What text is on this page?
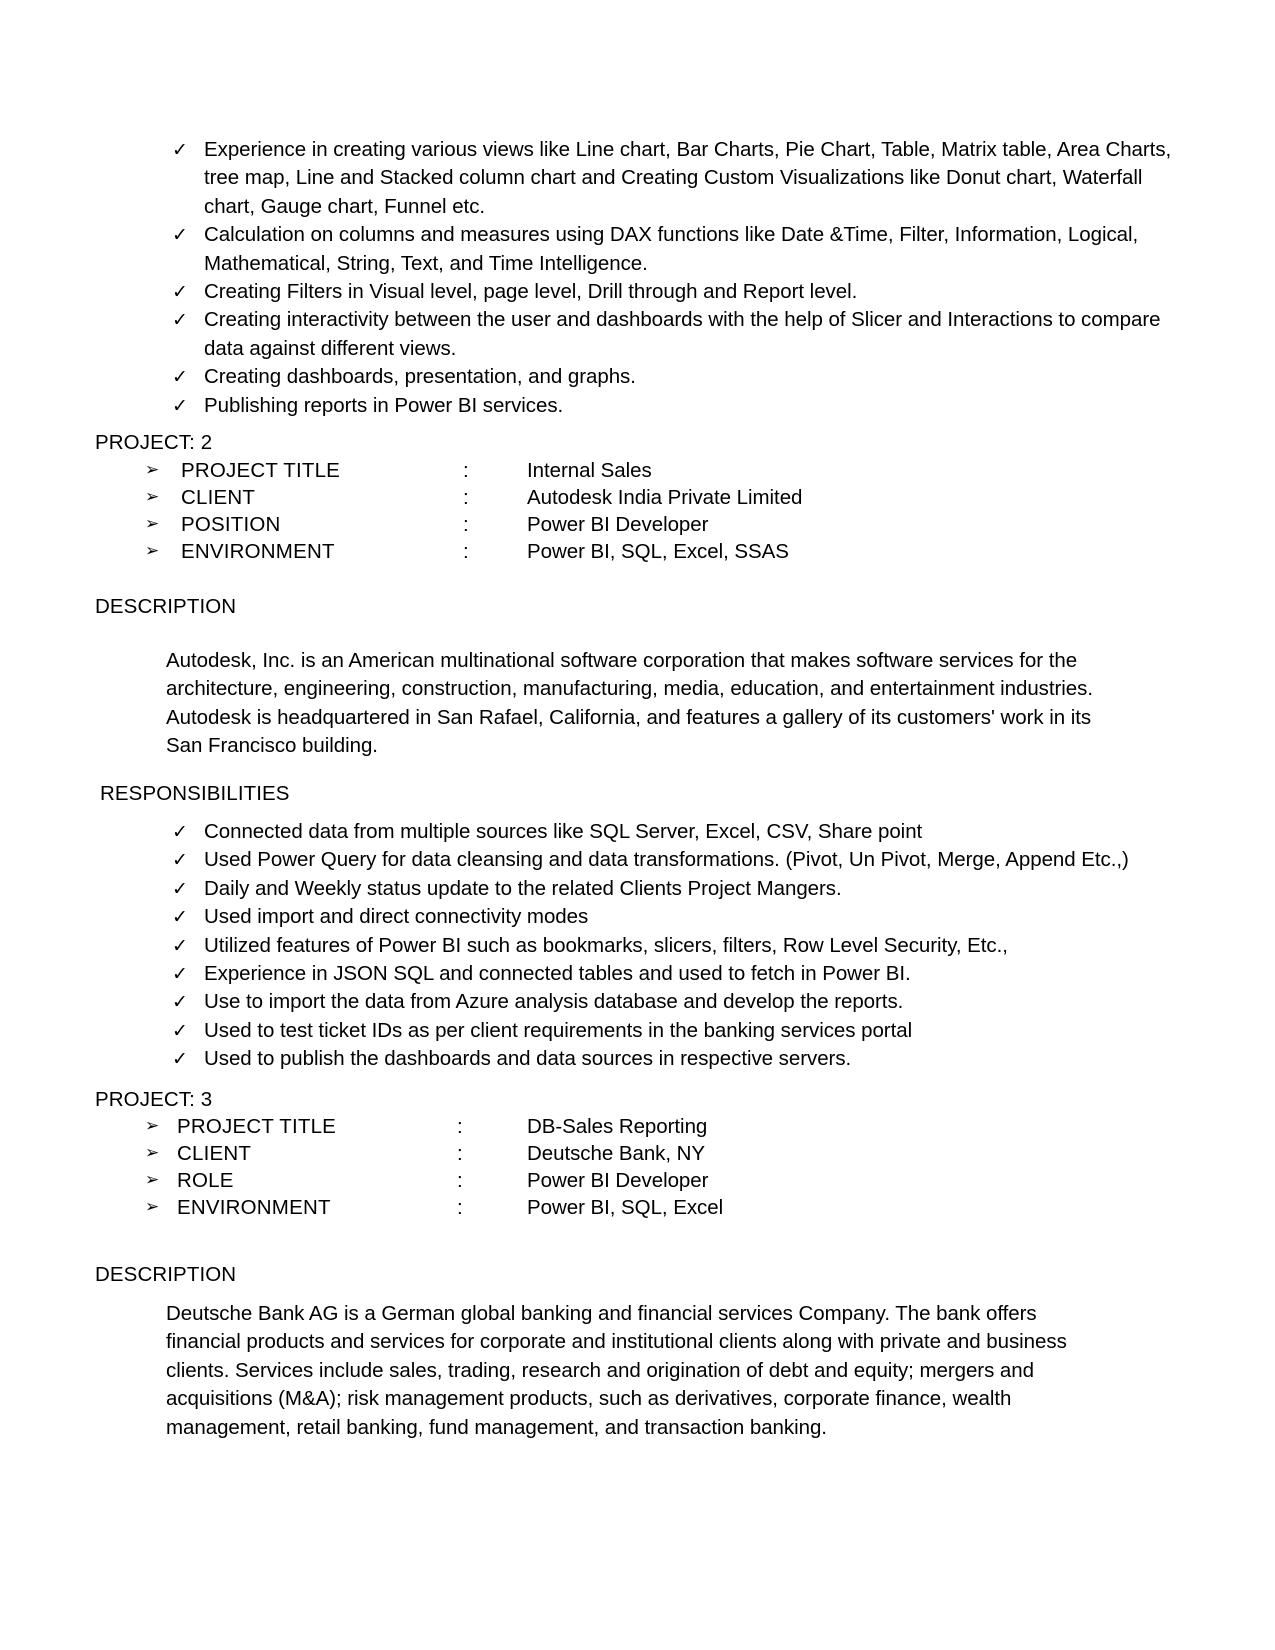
✓ Experience in creating various views like Line chart, Bar Charts, Pie Chart, Table, Matrix table, Area Charts, tree map, Line and Stacked column chart and Creating Custom Visualizations like Donut chart, Waterfall chart, Gauge chart, Funnel etc.
✓ Calculation on columns and measures using DAX functions like Date &Time, Filter, Information, Logical, Mathematical, String, Text, and Time Intelligence.
✓ Creating Filters in Visual level, page level, Drill through and Report level.
✓ Creating interactivity between the user and dashboards with the help of Slicer and Interactions to compare data against different views.
✓ Creating dashboards, presentation, and graphs.
✓ Publishing reports in Power BI services.
PROJECT: 2
➢ PROJECT TITLE	:	Internal Sales
➢ CLIENT	:	Autodesk India Private Limited
➢ POSITION	:	Power BI Developer
➢ ENVIRONMENT	:	Power BI, SQL, Excel, SSAS
DESCRIPTION
Autodesk, Inc. is an American multinational software corporation that makes software services for the architecture, engineering, construction, manufacturing, media, education, and entertainment industries. Autodesk is headquartered in San Rafael, California, and features a gallery of its customers' work in its San Francisco building.
RESPONSIBILITIES
✓ Connected data from multiple sources like SQL Server, Excel, CSV, Share point
✓ Used Power Query for data cleansing and data transformations. (Pivot, Un Pivot, Merge, Append Etc.,)
✓ Daily and Weekly status update to the related Clients Project Mangers.
✓ Used import and direct connectivity modes
✓ Utilized features of Power BI such as bookmarks, slicers, filters, Row Level Security, Etc.,
✓ Experience in JSON SQL and connected tables and used to fetch in Power BI.
✓ Use to import the data from Azure analysis database and develop the reports.
✓ Used to test ticket IDs as per client requirements in the banking services portal
✓ Used to publish the dashboards and data sources in respective servers.
PROJECT: 3
➢ PROJECT TITLE	:	DB-Sales Reporting
➢ CLIENT	:	Deutsche Bank, NY
➢ ROLE	:	Power BI Developer
➢ ENVIRONMENT	:	Power BI, SQL, Excel
DESCRIPTION
Deutsche Bank AG is a German global banking and financial services Company. The bank offers financial products and services for corporate and institutional clients along with private and business clients. Services include sales, trading, research and origination of debt and equity; mergers and acquisitions (M&A); risk management products, such as derivatives, corporate finance, wealth management, retail banking, fund management, and transaction banking.
